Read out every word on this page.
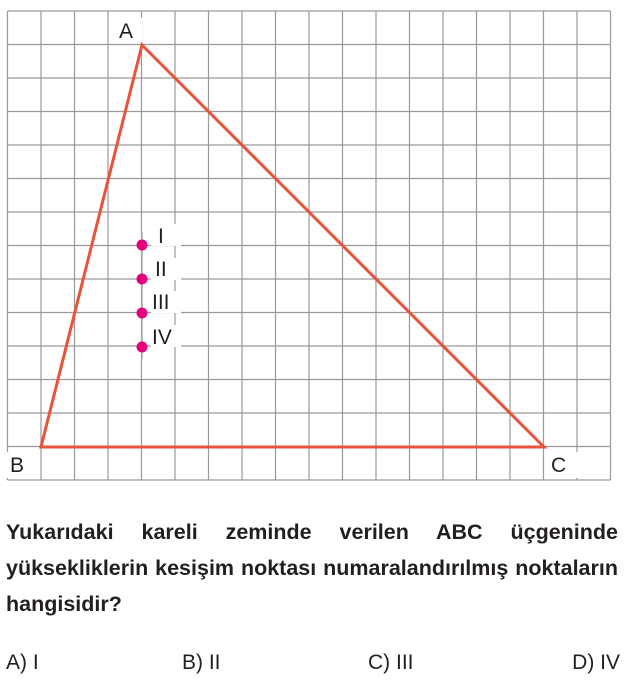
A
B	C
I
II
III
IV

Yukarıdaki kareli zeminde verilen ABC üçgeninde yüksekliklerin kesişim noktası numaralandırılmış noktaların hangisidir?

A) I	B) II	C) III	D) IV
